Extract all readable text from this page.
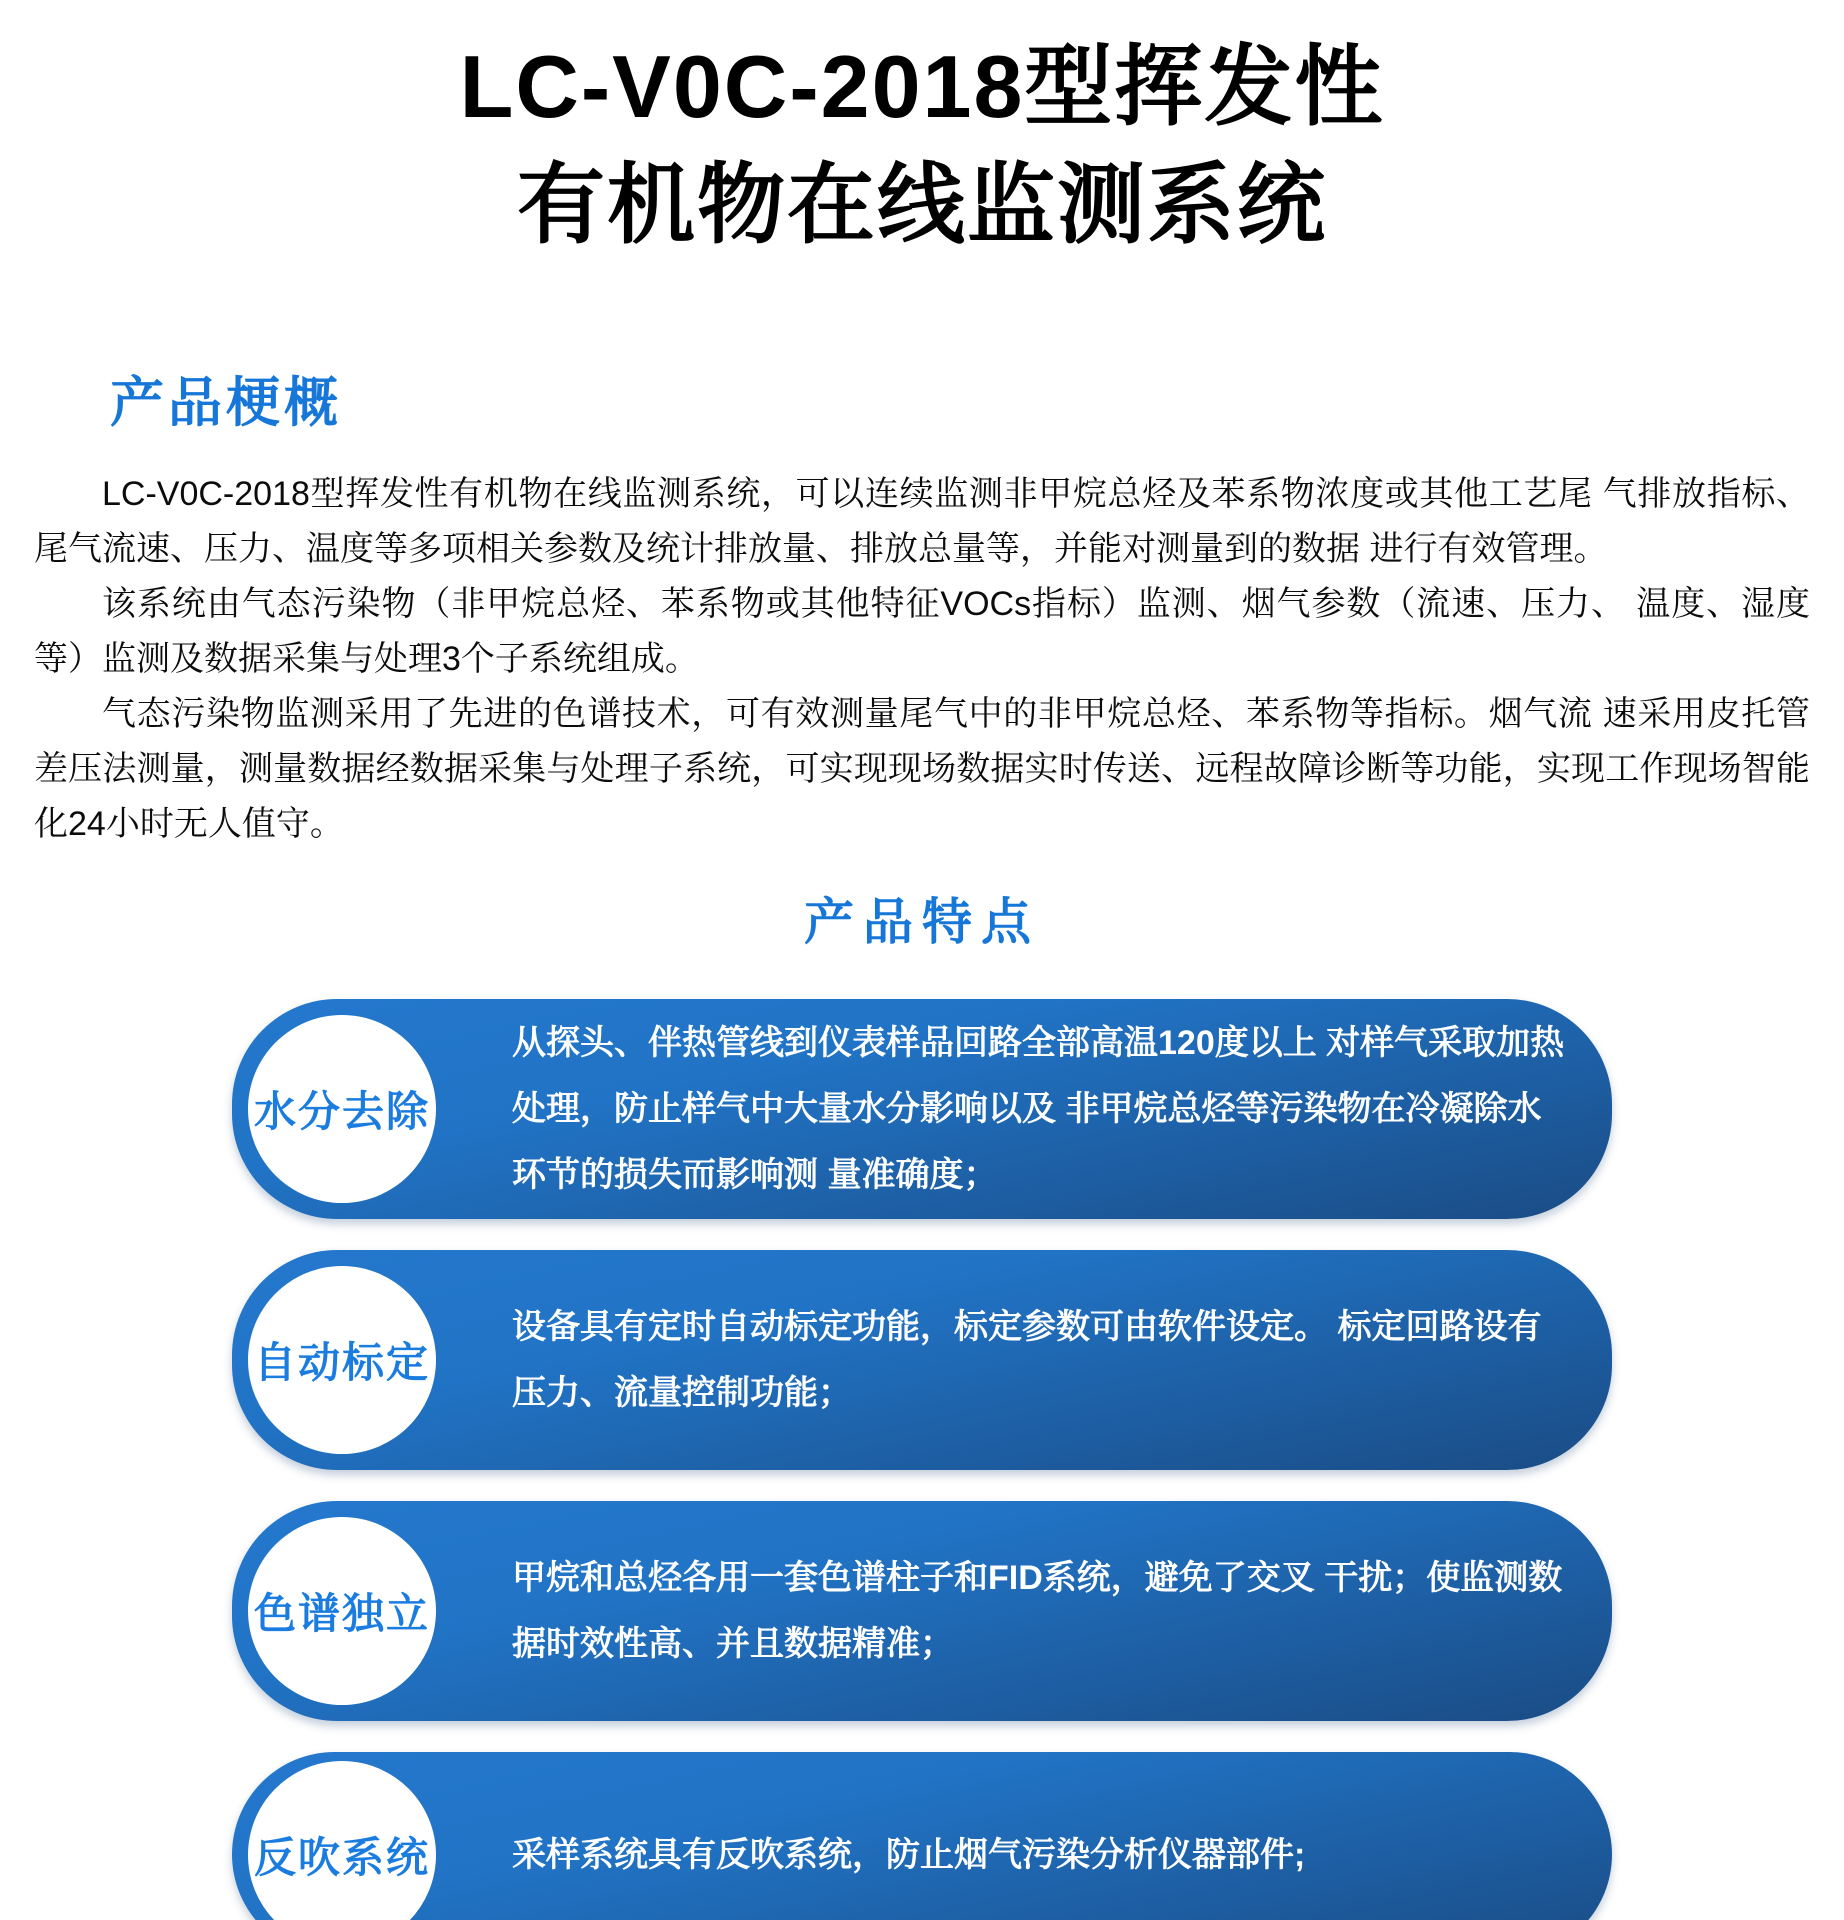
LC-V0C-2018型挥发性
有机物在线监测系统
产品梗概

LC-V0C-2018型挥发性有机物在线监测系统，可以连续监测非甲烷总烃及苯系物浓度或其他工艺尾 气排放指标、尾气流速、压力、温度等多项相关参数及统计排放量、排放总量等，并能对测量到的数据 进行有效管理。

该系统由气态污染物（非甲烷总烃、苯系物或其他特征VOCs指标）监测、烟气参数（流速、压力、 温度、湿度等）监测及数据采集与处理3个子系统组成。

气态污染物监测采用了先进的色谱技术，可有效测量尾气中的非甲烷总烃、苯系物等指标。烟气流 速采用皮托管差压法测量，测量数据经数据采集与处理子系统，可实现现场数据实时传送、远程故障诊断等功能，实现工作现场智能化24小时无人值守。

产品特点
水分去除
从探头、伴热管线到仪表样品回路全部高温120度以上 对样气采取加热处理，防止样气中大量水分影响以及 非甲烷总烃等污染物在冷凝除水环节的损失而影响测 量准确度；
自动标定
设备具有定时自动标定功能，标定参数可由软件设定。 标定回路设有压力、流量控制功能；
色谱独立
甲烷和总烃各用一套色谱柱子和FID系统，避免了交叉 干扰；使监测数据时效性高、并且数据精准；
反吹系统 采样系统具有反吹系统，防止烟气污染分析仪器部件;
